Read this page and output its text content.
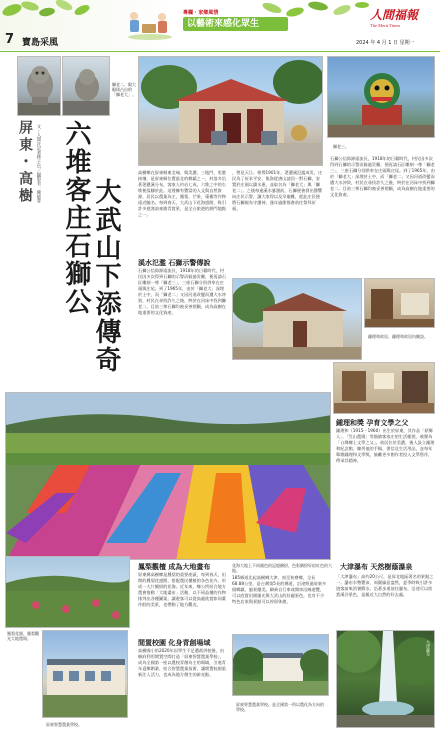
7 寶島采風
專欄 · 家鄉風情
以藝術來感化眾生
人間福報
The Merit Times
2024 年 4 月 1 日 星期一
獅老二，眼大眼球凸出的「獅老大」。
獅老三。
屏東・高樹 文・人間社記者林子岳／攝影者：陳郁菁 六堆客庄石獅公 大武山下添傳奇
高樹鄉在屏東縣東北端，與美濃、三地門、里港接壤，是屏東縣位置最北的鄉鎮之一，村落多沿著荖濃溪分布，客家人約佔七成，六堆之中的右堆便落腳於此。這裡擁有豐富的人文與自然資源，居民以農業為主，鳳梨、芒果、蓮霧等作物遠近馳名。每到春天，大武山下花海盛開，吸引許多遊客前來踏青賞景，是全台旅遊的熱門地點之一。
，曾見天日。相傳1901年，荖濃溪氾濫成災，庄民為了祈求平安，集資從唐山請回一對石獅，安置於庄頭以鎮水患，並取名為「獅老大」與「獅老二」。之後每逢溪水暴漲前，石獅便會發出聲響向庄民示警，讓大家得以及早避難，從此庄民便將石獅視為守護神，逢年過節都會前往祭拜祈福。
溪水氾濫 石獅示警傳說
石獅公信仰源遠流長，1918年的日籍時代，村民因多次得到石獅的示警而躲過災難，便再請石匠雕刻一尊「獅老三」，三座石獅分別供奉在庄頭與庄尾。到了1965年，由於「獅老大」深埋於土中，而「獅老二」又因河道改變而遭大水沖毀，村民在尋找許久之後，終於在河床中找到獅老二。目前三尊石獅均被妥善照顧，成為高樹在地重要的文化資產。
石獅公信仰源遠流長，1918年的日籍時代，村民因多次得到石獅的示警而躲過災難，便再請石匠雕刻一尊「獅老三」，三座石獅分別供奉在庄頭與庄尾。到了1965年，由於「獅老大」深埋於土中，而「獅老二」又因河道改變而遭大水沖毀，村民在尋找許久之後，終於在河床中找到獅老二。目前三尊石獅均被妥善照顧，成為高樹在地重要的文化資產。
鍾理和故居，鍾理和故居內陳設。
鍾理和獎 孕育文學之父
鍾理和（1915－1960）出生於屏東，其作品「原鄉人」、「笠山農場」等描繪客家庄的生活樣貌，被譽為「台灣鄉土文學之父」。故居位於美濃，後人設立鍾理和紀念館，陳列他的手稿、書信及生活用品，並每年舉辦鍾理和文學獎，鼓勵更多創作者投入文學寫作，傳承其精神。
花海大地上不同顏色的記憶繽紛，色彩繽紛好似紅色的大地。
鳳梨花園、鳳梨觀光大地農場。
鳳梨觀檀 成為大地畫布
屏東縣高樹鄉是鳳梨的重要產區，每到春天，田間的鳳梨花盛開，搭配農民種植的各色花卉，形成一大片繽紛的花海。近年來，鄉公所結合地方農會推動「大地畫布」活動，以不同品種的作物排列出各種圖案，讓遊客可以從高處欣賞如同畫作般的美景，也帶動了地方觀光。
185縣道北起高樹鄉大津，南至枋寮鄉，全長68.88公里，是台灣第5長的縣道，沿途經過屏東多個鄉鎮，風景優美。騎乘自行車或開車沿線遊覽，可以欣賞田園風光與大武山的壯麗景色，也有不少特色店家與景點可以停留休憩。
大津瀑布 天然樹蔭瀑泉
「大津瀑布」高約20公尺，是屏北地區著名的景點之一。瀑布水勢豐沛，周圍綠意盎然，夏季時吸引許多遊客前來消暑戲水。沿著步道前往瀑布，沿途可以欣賞溪谷景色，是親近大自然的好去處。
屏東智慧農業學校。
閒置校園 化身青創場域
高樹國小的2020年因學生不足遭裁併校後，由縣府利用閒置空間打造「屏東智慧農業學校」，成為全國第一座以農校青創為主的場域，引進青年返鄉創業、結合智慧農業技術，讓閒置校園重新注入活力，也成為地方創生的新亮點。
屏東智慧農業學校，是全國第一所以農化為方向的學校。
大津瀑布
